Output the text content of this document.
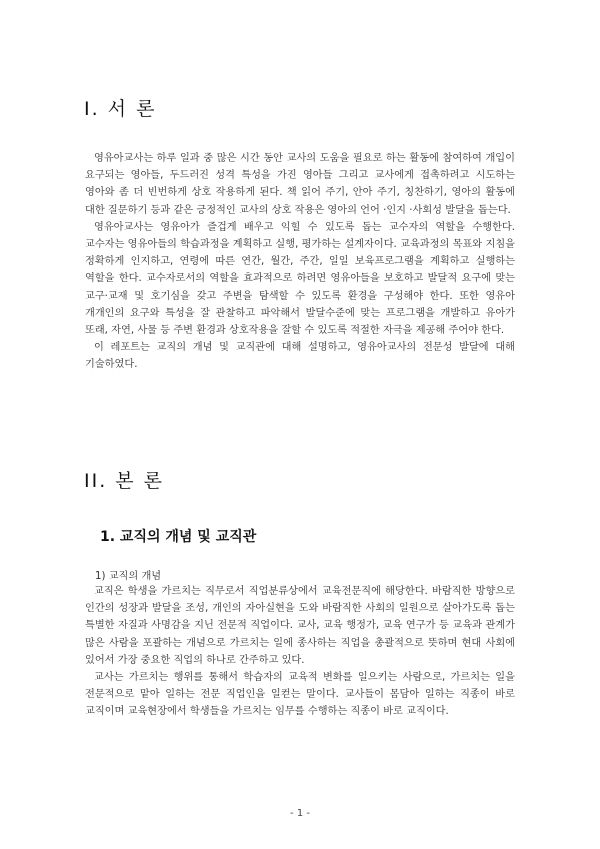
I. 서 론

영유아교사는 하루 일과 중 많은 시간 동안 교사의 도움을 필요로 하는 활동에 참여하여 개입이 요구되는 영아들, 두드러진 성격 특성을 가진 영아들 그리고 교사에게 접촉하려고 시도하는 영아와 좀 더 빈번하게 상호 작용하게 된다. 책 읽어 주기, 안아 주기, 칭찬하기, 영아의 활동에 대한 질문하기 등과 같은 긍정적인 교사의 상호 작용은 영아의 언어 ·인지 ·사회성 발달을 돕는다.

영유아교사는 영유아가 즐겁게 배우고 익힐 수 있도록 돕는 교수자의 역할을 수행한다. 교수자는 영유아들의 학습과정을 계획하고 실행, 평가하는 설계자이다. 교육과정의 목표와 지침을 정확하게 인지하고, 연령에 따른 연간, 월간, 주간, 일일 보육프로그램을 계획하고 실행하는 역할을 한다. 교수자로서의 역할을 효과적으로 하려면 영유아들을 보호하고 발달적 요구에 맞는 교구·교재 및 호기심을 갖고 주변을 탐색할 수 있도록 환경을 구성해야 한다. 또한 영유아 개개인의 요구와 특성을 잘 관찰하고 파악해서 발달수준에 맞는 프로그램을 개발하고 유아가 또래, 자연, 사물 등 주변 환경과 상호작용을 잘할 수 있도록 적절한 자극을 제공해 주어야 한다.

이 레포트는 교직의 개념 및 교직관에 대해 설명하고, 영유아교사의 전문성 발달에 대해 기술하였다.

II. 본 론
1. 교직의 개념 및 교직관
1) 교직의 개념

교직은 학생을 가르치는 직무로서 직업분류상에서 교육전문직에 해당한다. 바람직한 방향으로 인간의 성장과 발달을 조성, 개인의 자아실현을 도와 바람직한 사회의 일원으로 살아가도록 돕는 특별한 자질과 사명감을 지닌 전문적 직업이다. 교사, 교육 행정가, 교육 연구가 등 교육과 관계가 많은 사람을 포괄하는 개념으로 가르치는 일에 종사하는 직업을 총괄적으로 뜻하며 현대 사회에 있어서 가장 중요한 직업의 하나로 간주하고 있다.

교사는 가르치는 행위를 통해서 학습자의 교육적 변화를 일으키는 사람으로, 가르치는 일을 전문적으로 맡아 일하는 전문 직업인을 일컫는 말이다. 교사들이 몸담아 일하는 직종이 바로 교직이며 교육현장에서 학생들을 가르치는 임무를 수행하는 직종이 바로 교직이다.

- 1 -
